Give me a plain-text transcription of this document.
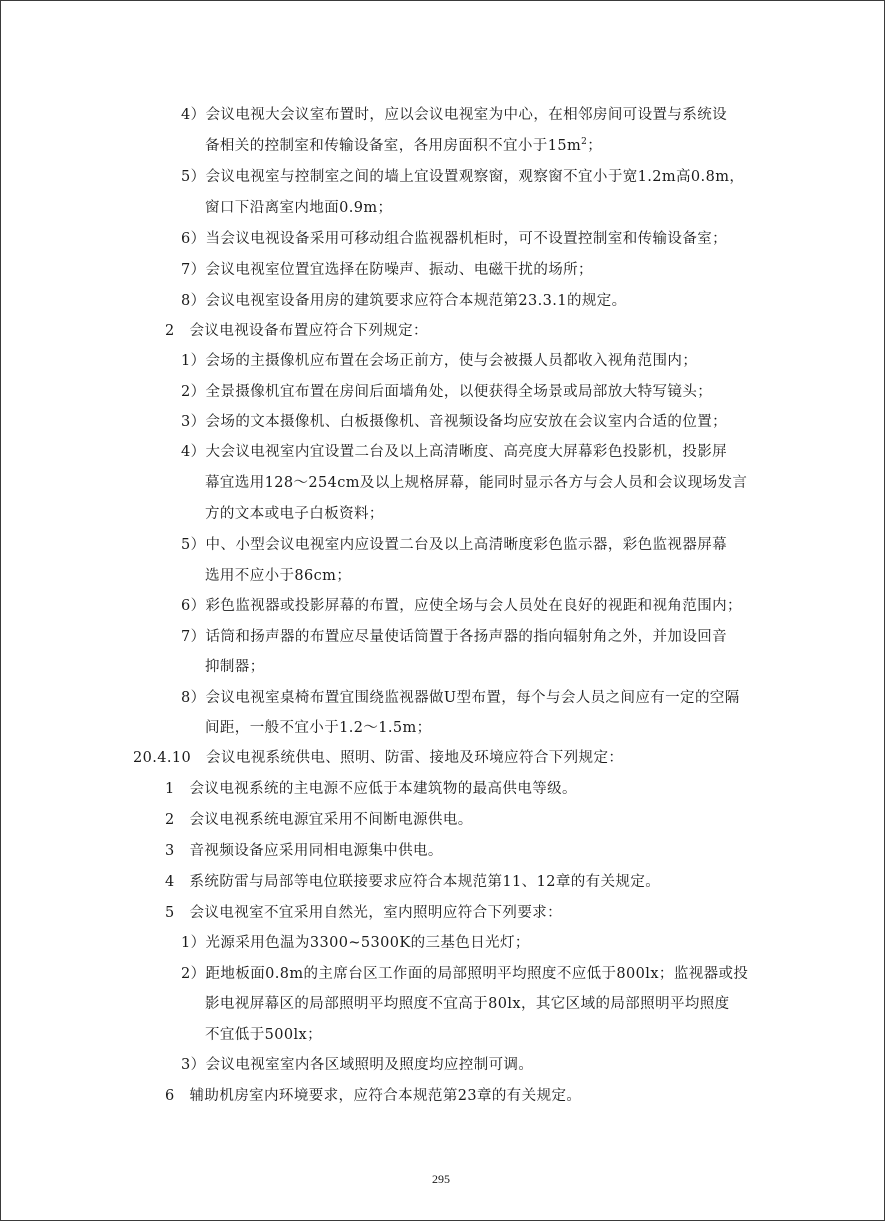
4）会议电视大会议室布置时，应以会议电视室为中心，在相邻房间可设置与系统设
备相关的控制室和传输设备室，各用房面积不宜小于$15m^2$；
5）会议电视室与控制室之间的墙上宜设置观察窗，观察窗不宜小于宽1.2m高0.8m，
窗口下沿离室内地面0.9m；
6）当会议电视设备采用可移动组合监视器机柜时，可不设置控制室和传输设备室；
7）会议电视室位置宜选择在防噪声、振动、电磁干扰的场所；
8）会议电视室设备用房的建筑要求应符合本规范第23.3.1的规定。
2　会议电视设备布置应符合下列规定：
1）会场的主摄像机应布置在会场正前方，使与会被摄人员都收入视角范围内；
2）全景摄像机宜布置在房间后面墙角处，以便获得全场景或局部放大特写镜头；
3）会场的文本摄像机、白板摄像机、音视频设备均应安放在会议室内合适的位置；
4）大会议电视室内宜设置二台及以上高清晰度、高亮度大屏幕彩色投影机，投影屏
幕宜选用128～254cm及以上规格屏幕，能同时显示各方与会人员和会议现场发言
方的文本或电子白板资料；
5）中、小型会议电视室内应设置二台及以上高清晰度彩色监示器，彩色监视器屏幕
选用不应小于86cm；
6）彩色监视器或投影屏幕的布置，应使全场与会人员处在良好的视距和视角范围内；
7）话筒和扬声器的布置应尽量使话筒置于各扬声器的指向辐射角之外，并加设回音
抑制器；
8）会议电视室桌椅布置宜围绕监视器做U型布置，每个与会人员之间应有一定的空隔
间距，一般不宜小于1.2～1.5m；
20.4.10　会议电视系统供电、照明、防雷、接地及环境应符合下列规定：
1　会议电视系统的主电源不应低于本建筑物的最高供电等级。
2　会议电视系统电源宜采用不间断电源供电。
3　音视频设备应采用同相电源集中供电。
4　系统防雷与局部等电位联接要求应符合本规范第11、12章的有关规定。
5　会议电视室不宜采用自然光，室内照明应符合下列要求：
1）光源采用色温为3300~5300K的三基色日光灯；
2）距地板面0.8m的主席台区工作面的局部照明平均照度不应低于800lx；监视器或投
影电视屏幕区的局部照明平均照度不宜高于80lx，其它区域的局部照明平均照度
不宜低于500lx；
3）会议电视室室内各区域照明及照度均应控制可调。
6　辅助机房室内环境要求，应符合本规范第23章的有关规定。
295
